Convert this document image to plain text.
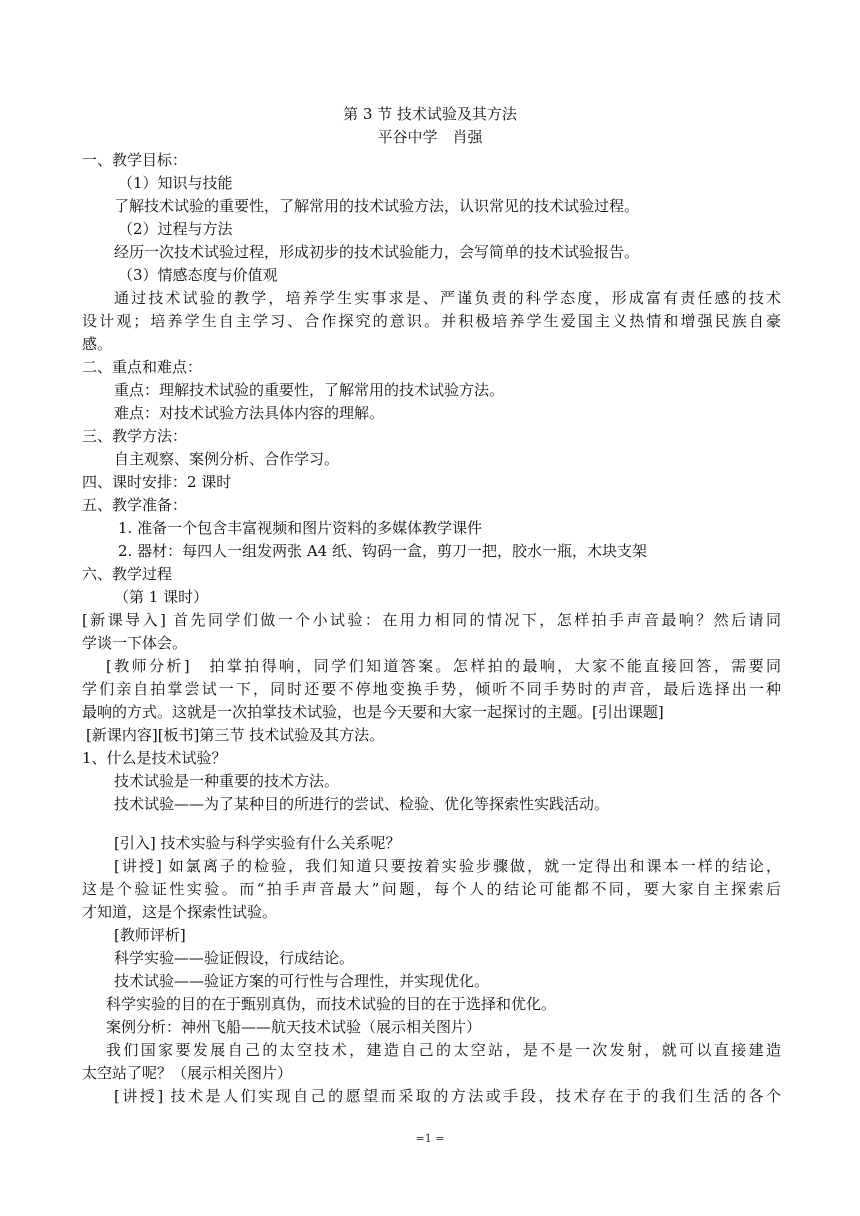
第 3 节 技术试验及其方法
平谷中学　肖强
一、教学目标：
（1）知识与技能
了解技术试验的重要性，了解常用的技术试验方法，认识常见的技术试验过程。
（2）过程与方法
经历一次技术试验过程，形成初步的技术试验能力，会写简单的技术试验报告。
（3）情感态度与价值观
通过技术试验的教学，培养学生实事求是、严谨负责的科学态度，形成富有责任感的技术
设计观；培养学生自主学习、合作探究的意识。并积极培养学生爱国主义热情和增强民族自豪
感。
二、重点和难点：
重点：理解技术试验的重要性，了解常用的技术试验方法。
难点：对技术试验方法具体内容的理解。
三、教学方法：
自主观察、案例分析、合作学习。
四、课时安排：2 课时
五、教学准备：
1. 准备一个包含丰富视频和图片资料的多媒体教学课件
2. 器材：每四人一组发两张 A4 纸、钩码一盒，剪刀一把，胶水一瓶，木块支架
六、教学过程
（第 1 课时）
[新课导入] 首先同学们做一个小试验：在用力相同的情况下，怎样拍手声音最响？然后请同
学谈一下体会。
[教师分析]　拍掌拍得响，同学们知道答案。怎样拍的最响，大家不能直接回答，需要同
学们亲自拍掌尝试一下，同时还要不停地变换手势，倾听不同手势时的声音，最后选择出一种
最响的方式。这就是一次拍掌技术试验，也是今天要和大家一起探讨的主题。[引出课题]
[新课内容][板书]第三节 技术试验及其方法。
1、什么是技术试验？
技术试验是一种重要的技术方法。
技术试验——为了某种目的所进行的尝试、检验、优化等探索性实践活动。
[引入] 技术实验与科学实验有什么关系呢？
[讲授] 如氯离子的检验，我们知道只要按着实验步骤做，就一定得出和课本一样的结论，
这是个验证性实验。而“拍手声音最大”问题，每个人的结论可能都不同，要大家自主探索后
才知道，这是个探索性试验。
[教师评析]
科学实验——验证假设，行成结论。
技术试验——验证方案的可行性与合理性，并实现优化。
科学实验的目的在于甄别真伪，而技术试验的目的在于选择和优化。
案例分析：神州飞船——航天技术试验（展示相关图片）
我们国家要发展自己的太空技术，建造自己的太空站，是不是一次发射，就可以直接建造
太空站了呢？（展示相关图片）
[讲授] 技术是人们实现自己的愿望而采取的方法或手段，技术存在于的我们生活的各个
=1 =
